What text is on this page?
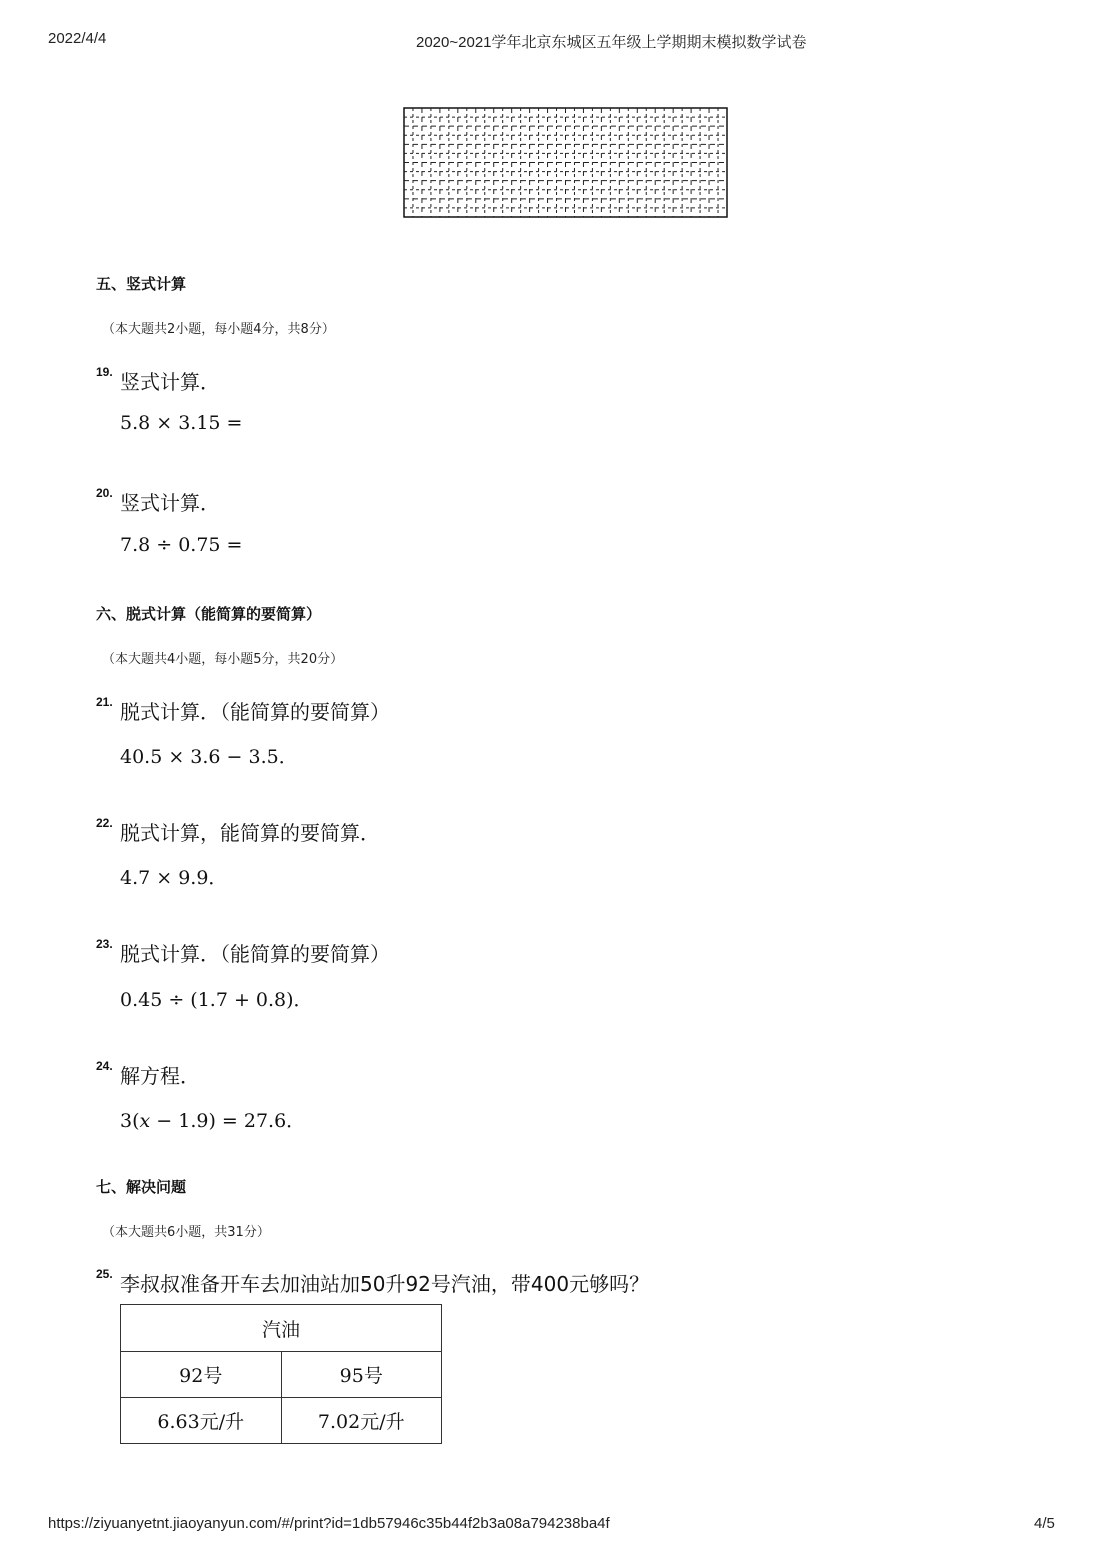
2022/4/4	2020~2021学年北京东城区五年级上学期期末模拟数学试卷
五、竖式计算
（本大题共2小题，每小题4分，共8分）
19. 竖式计算．
5.8 × 3.15 =
20. 竖式计算．
7.8 ÷ 0.75 =
六、脱式计算（能简算的要简算）
（本大题共4小题，每小题5分，共20分）
21. 脱式计算．（能简算的要简算）
40.5 × 3.6 − 3.5．
22. 脱式计算，能简算的要简算．
4.7 × 9.9．
23. 脱式计算．（能简算的要简算）
0.45 ÷ (1.7 + 0.8)．
24. 解方程．
3(x − 1.9) = 27.6．
七、解决问题
（本大题共6小题，共31分）
25. 李叔叔准备开车去加油站加50升92号汽油，带400元够吗？
汽油	
92号	95号
6.63元/升	7.02元/升
https://ziyuanyetnt.jiaoyanyun.com/#/print?id=1db57946c35b44f2b3a08a794238ba4f	4/5
